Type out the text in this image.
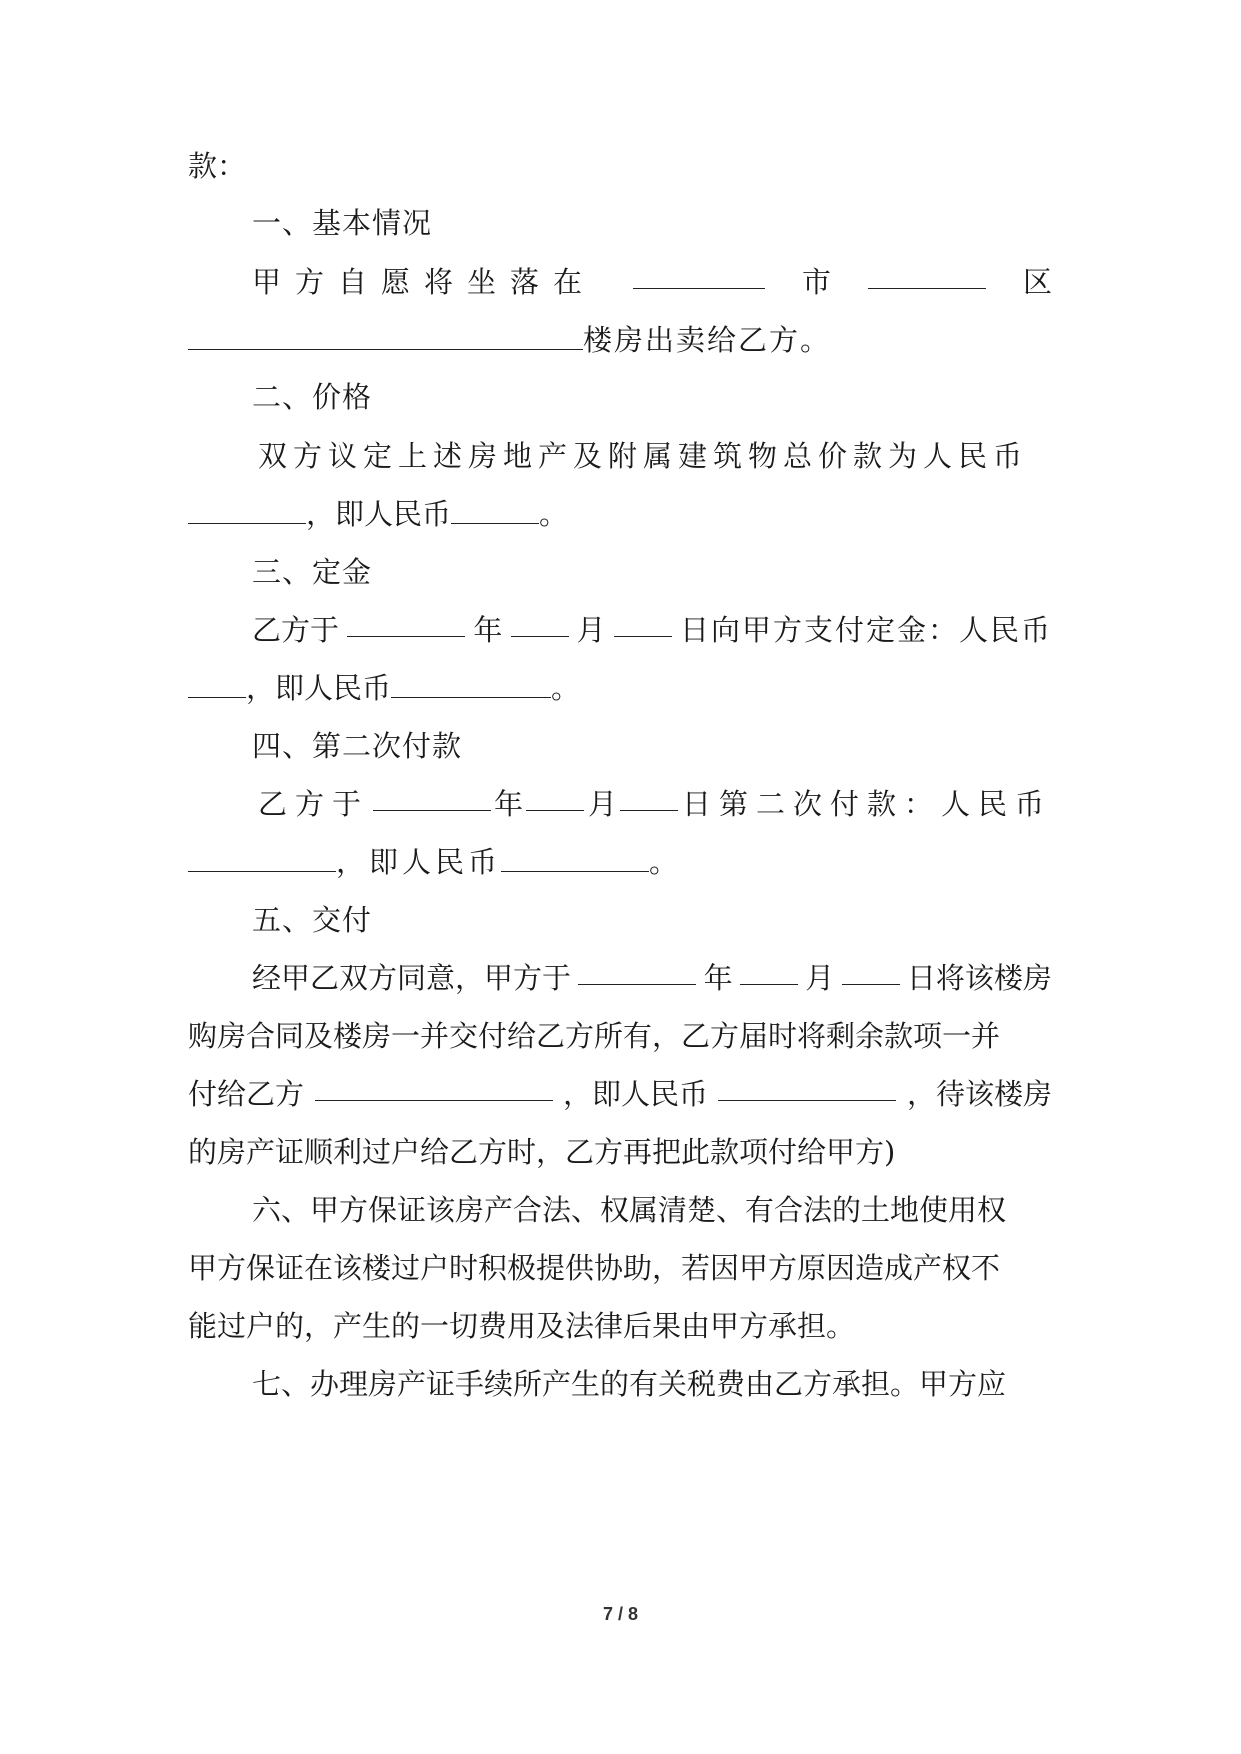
款：
一、基本情况
甲方自愿将坐落在	市	区
楼房出卖给乙方。
二、价格
双方议定上述房地产及附属建筑物总价款为人民币
，即人民币	。
三、定金
乙方于	年	月	日向甲方支付定金：人民币
，即人民币	。
四、第二次付款
乙方于	年 月 日第二次付款：人民币
，即人民币	。
五、交付
经甲乙双方同意，甲方于	年	月	日将该楼房
购房合同及楼房一并交付给乙方所有，乙方届时将剩余款项一并
付给乙方	，即人民币	，待该楼房
的房产证顺利过户给乙方时，乙方再把此款项付给甲方)
六、甲方保证该房产合法、权属清楚、有合法的土地使用权
甲方保证在该楼过户时积极提供协助，若因甲方原因造成产权不
能过户的，产生的一切费用及法律后果由甲方承担。
七、办理房产证手续所产生的有关税费由乙方承担。甲方应
7 / 8
